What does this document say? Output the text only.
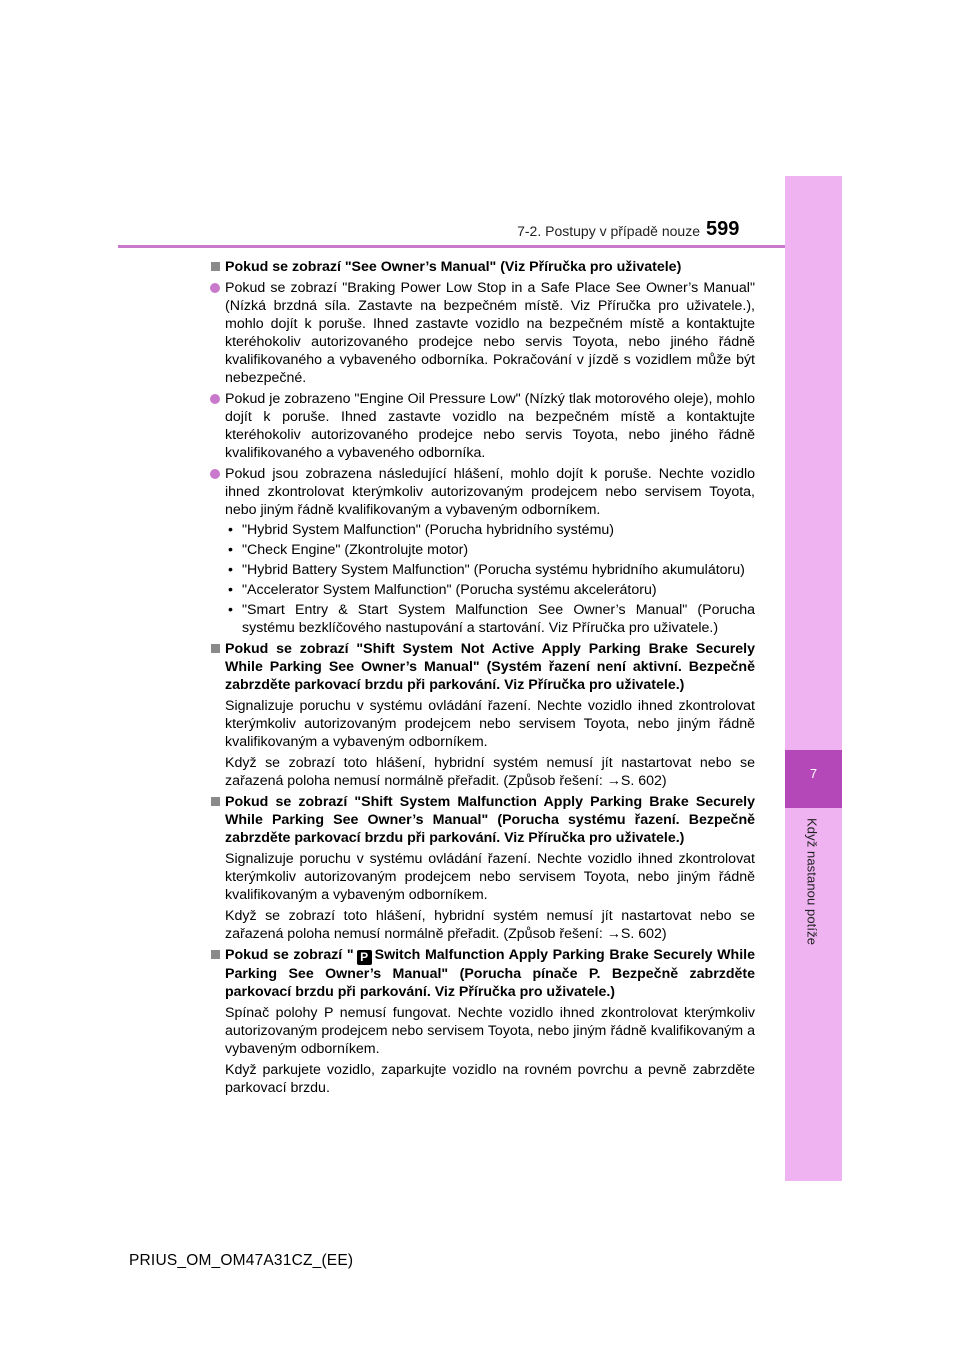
7
Když nastanou potíže
7-2. Postupy v případě nouze 599
Pokud se zobrazí "See Owner’s Manual" (Viz Příručka pro uživatele)
Pokud se zobrazí "Braking Power Low Stop in a Safe Place See Owner’s Manual" (Nízká brzdná síla. Zastavte na bezpečném místě. Viz Příručka pro uživatele.), mohlo dojít k poruše. Ihned zastavte vozidlo na bezpečném místě a kontaktujte kteréhokoliv autorizovaného prodejce nebo servis Toyota, nebo jiného řádně kvalifikovaného a vybaveného odborníka. Pokračování v jízdě s vozidlem může být nebezpečné.
Pokud je zobrazeno "Engine Oil Pressure Low" (Nízký tlak motorového oleje), mohlo dojít k poruše. Ihned zastavte vozidlo na bezpečném místě a kontaktujte kteréhokoliv autorizovaného prodejce nebo servis Toyota, nebo jiného řádně kvalifikovaného a vybaveného odborníka.
Pokud jsou zobrazena následující hlášení, mohlo dojít k poruše. Nechte vozidlo ihned zkontrolovat kterýmkoliv autorizovaným prodejcem nebo servisem Toyota, nebo jiným řádně kvalifikovaným a vybaveným odborníkem.
• "Hybrid System Malfunction" (Porucha hybridního systému)
• "Check Engine" (Zkontrolujte motor)
• "Hybrid Battery System Malfunction" (Porucha systému hybridního akumulátoru)
• "Accelerator System Malfunction" (Porucha systému akcelerátoru)
• "Smart Entry & Start System Malfunction See Owner’s Manual" (Porucha systému bezklíčového nastupování a startování. Viz Příručka pro uživatele.)
Pokud se zobrazí "Shift System Not Active Apply Parking Brake Securely While Parking See Owner’s Manual" (Systém řazení není aktivní. Bezpečně zabrzděte parkovací brzdu při parkování. Viz Příručka pro uživatele.)
Signalizuje poruchu v systému ovládání řazení. Nechte vozidlo ihned zkontrolovat kterýmkoliv autorizovaným prodejcem nebo servisem Toyota, nebo jiným řádně kvalifikovaným a vybaveným odborníkem.
Když se zobrazí toto hlášení, hybridní systém nemusí jít nastartovat nebo se zařazená poloha nemusí normálně přeřadit. (Způsob řešení: →S. 602)
Pokud se zobrazí "Shift System Malfunction Apply Parking Brake Securely While Parking See Owner’s Manual" (Porucha systému řazení. Bezpečně zabrzděte parkovací brzdu při parkování. Viz Příručka pro uživatele.)
Signalizuje poruchu v systému ovládání řazení. Nechte vozidlo ihned zkontrolovat kterýmkoliv autorizovaným prodejcem nebo servisem Toyota, nebo jiným řádně kvalifikovaným a vybaveným odborníkem.
Když se zobrazí toto hlášení, hybridní systém nemusí jít nastartovat nebo se zařazená poloha nemusí normálně přeřadit. (Způsob řešení: →S. 602)
Pokud se zobrazí " P Switch Malfunction Apply Parking Brake Securely While Parking See Owner’s Manual" (Porucha pínače P. Bezpečně zabrzděte parkovací brzdu při parkování. Viz Příručka pro uživatele.)
Spínač polohy P nemusí fungovat. Nechte vozidlo ihned zkontrolovat kterýmkoliv autorizovaným prodejcem nebo servisem Toyota, nebo jiným řádně kvalifikovaným a vybaveným odborníkem.
Když parkujete vozidlo, zaparkujte vozidlo na rovném povrchu a pevně zabrzděte parkovací brzdu.
PRIUS_OM_OM47A31CZ_(EE)
